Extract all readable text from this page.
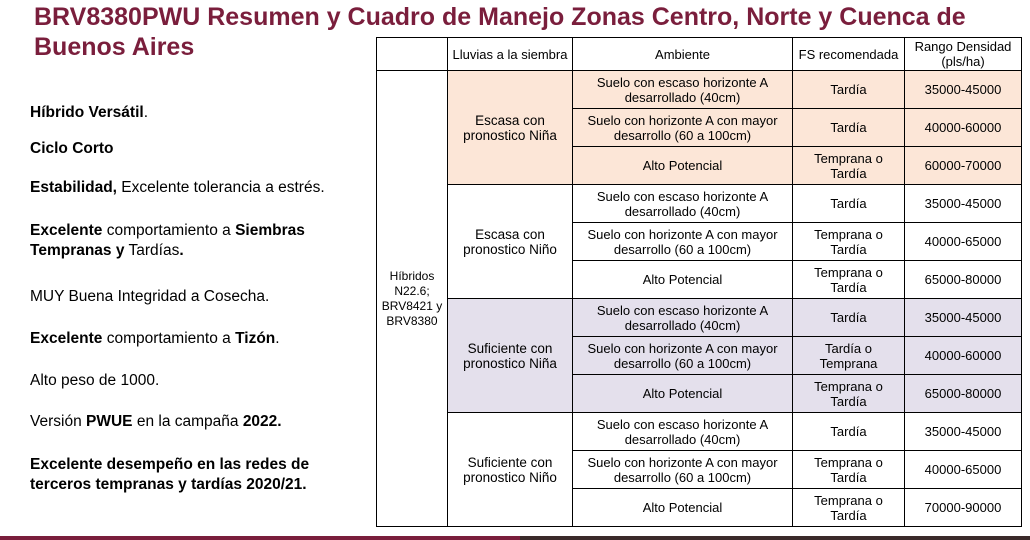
BRV8380PWU Resumen y Cuadro de Manejo Zonas Centro, Norte y Cuenca de Buenos Aires

Híbrido Versátil.

Ciclo Corto

Estabilidad, Excelente tolerancia a estrés.

Excelente comportamiento a Siembras Tempranas y Tardías.

MUY Buena Integridad a Cosecha.

Excelente comportamiento a Tizón.

Alto peso de 1000.

Versión PWUE en la campaña 2022.

Excelente desempeño en las redes de terceros tempranas y tardías 2020/21.

	Lluvias a la siembra	Ambiente	FS recomendada	Rango Densidad (pls/ha)
Híbridos N22.6; BRV8421 y BRV8380	Escasa con pronostico Niña	Suelo con escaso horizonte A desarrollado (40cm)	Tardía	35000-45000
		Suelo con horizonte A con mayor desarrollo (60 a 100cm)	Tardía	40000-60000
		Alto Potencial	Temprana o Tardía	60000-70000
	Escasa con pronostico Niño	Suelo con escaso horizonte A desarrollado (40cm)	Tardía	35000-45000
		Suelo con horizonte A con mayor desarrollo (60 a 100cm)	Temprana o Tardía	40000-65000
		Alto Potencial	Temprana o Tardía	65000-80000
	Suficiente con pronostico Niña	Suelo con escaso horizonte A desarrollado (40cm)	Tardía	35000-45000
		Suelo con horizonte A con mayor desarrollo (60 a 100cm)	Tardía o Temprana	40000-60000
		Alto Potencial	Temprana o Tardía	65000-80000
	Suficiente con pronostico Niño	Suelo con escaso horizonte A desarrollado (40cm)	Tardía	35000-45000
		Suelo con horizonte A con mayor desarrollo (60 a 100cm)	Temprana o Tardía	40000-65000
		Alto Potencial	Temprana o Tardía	70000-90000
